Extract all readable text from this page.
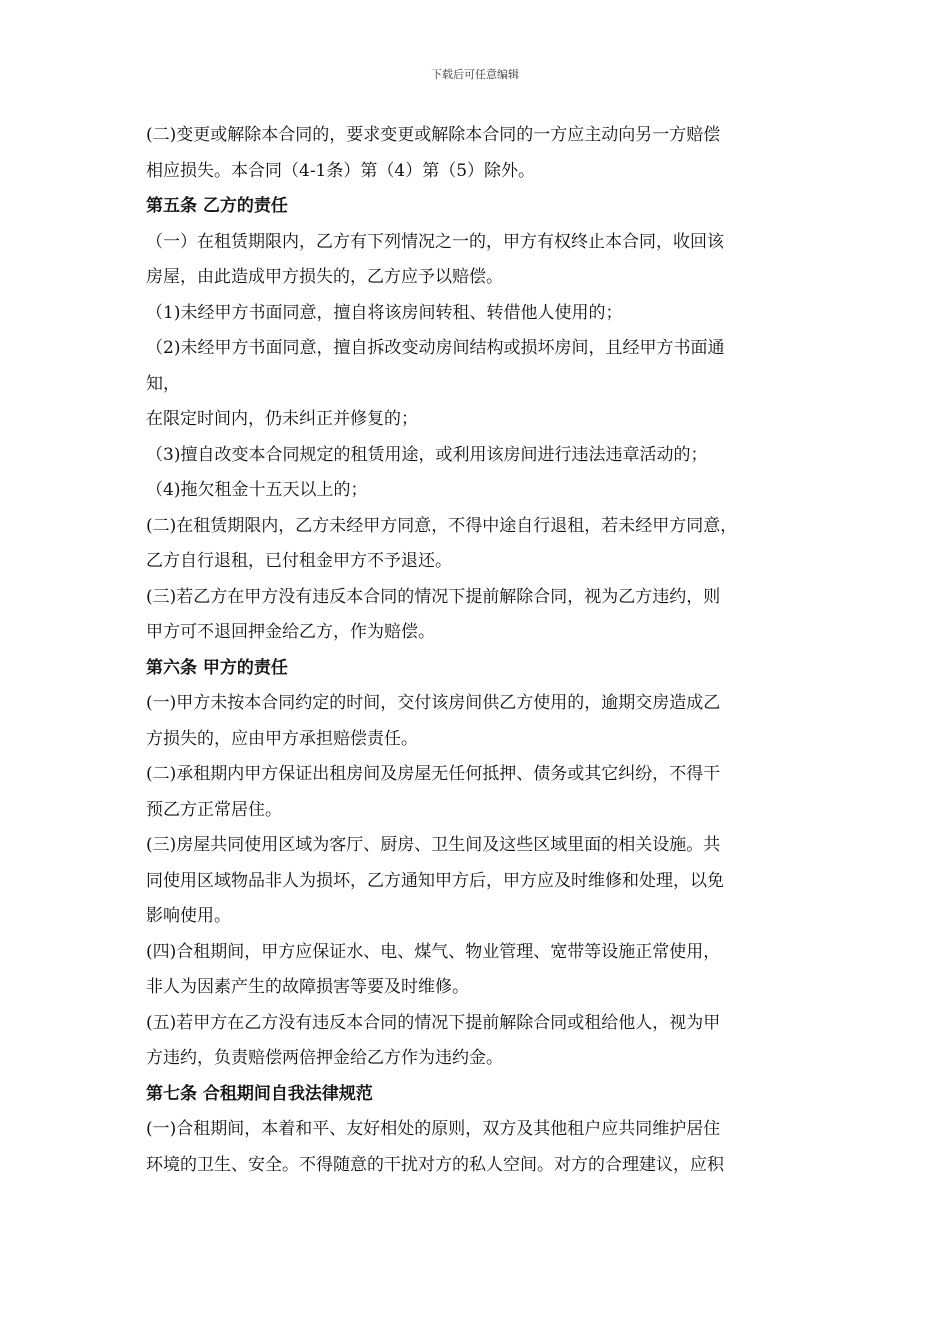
下载后可任意编辑

(二)变更或解除本合同的，要求变更或解除本合同的一方应主动向另一方赔偿

相应损失。本合同（4-1条）第（4）第（5）除外。

第五条 乙方的责任

（一）在租赁期限内，乙方有下列情况之一的，甲方有权终止本合同，收回该

房屋，由此造成甲方损失的，乙方应予以赔偿。

（1)未经甲方书面同意，擅自将该房间转租、转借他人使用的；

（2)未经甲方书面同意，擅自拆改变动房间结构或损坏房间，且经甲方书面通

知，

在限定时间内，仍未纠正并修复的；

（3)擅自改变本合同规定的租赁用途，或利用该房间进行违法违章活动的；

（4)拖欠租金十五天以上的；

(二)在租赁期限内，乙方未经甲方同意，不得中途自行退租，若未经甲方同意，

乙方自行退租，已付租金甲方不予退还。

(三)若乙方在甲方没有违反本合同的情况下提前解除合同，视为乙方违约，则

甲方可不退回押金给乙方，作为赔偿。

第六条 甲方的责任

(一)甲方未按本合同约定的时间，交付该房间供乙方使用的，逾期交房造成乙

方损失的，应由甲方承担赔偿责任。

(二)承租期内甲方保证出租房间及房屋无任何抵押、债务或其它纠纷，不得干

预乙方正常居住。

(三)房屋共同使用区域为客厅、厨房、卫生间及这些区域里面的相关设施。共

同使用区域物品非人为损坏，乙方通知甲方后，甲方应及时维修和处理，以免

影响使用。

(四)合租期间，甲方应保证水、电、煤气、物业管理、宽带等设施正常使用，

非人为因素产生的故障损害等要及时维修。

(五)若甲方在乙方没有违反本合同的情况下提前解除合同或租给他人，视为甲

方违约，负责赔偿两倍押金给乙方作为违约金。

第七条 合租期间自我法律规范

(一)合租期间，本着和平、友好相处的原则，双方及其他租户应共同维护居住

环境的卫生、安全。不得随意的干扰对方的私人空间。对方的合理建议，应积
